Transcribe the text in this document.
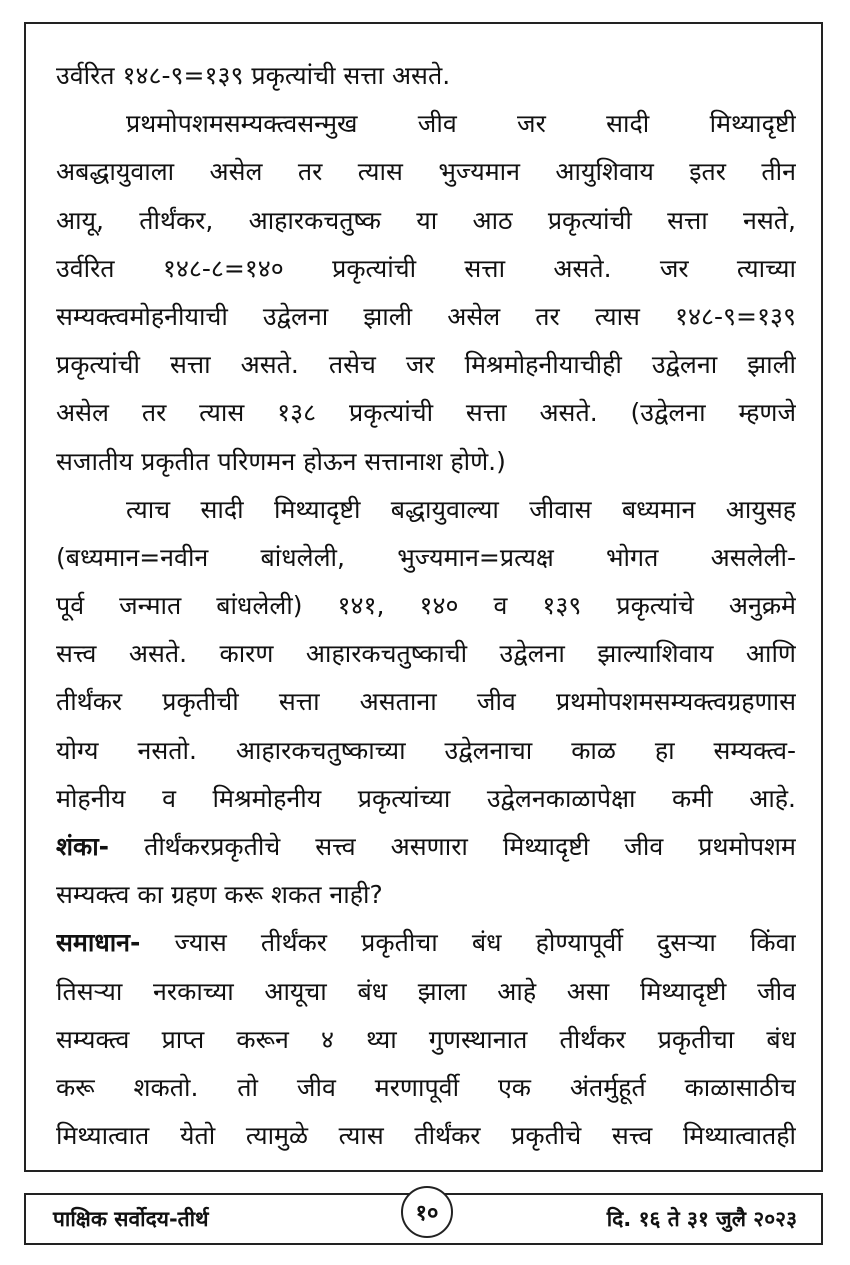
उर्वरित १४८-९=१३९ प्रकृत्यांची सत्ता असते.
प्रथमोपशमसम्यक्त्वसन्मुख जीव जर सादी मिथ्यादृष्टी
अबद्धायुवाला असेल तर त्यास भुज्यमान आयुशिवाय इतर तीन
आयू, तीर्थंकर, आहारकचतुष्क या आठ प्रकृत्यांची सत्ता नसते,
उर्वरित १४८-८=१४० प्रकृत्यांची सत्ता असते. जर त्याच्या
सम्यक्त्वमोहनीयाची उद्वेलना झाली असेल तर त्यास १४८-९=१३९
प्रकृत्यांची सत्ता असते. तसेच जर मिश्रमोहनीयाचीही उद्वेलना झाली
असेल तर त्यास १३८ प्रकृत्यांची सत्ता असते. (उद्वेलना म्हणजे
सजातीय प्रकृतीत परिणमन होऊन सत्तानाश होणे.)
त्याच सादी मिथ्यादृष्टी बद्धायुवाल्या जीवास बध्यमान आयुसह
(बध्यमान=नवीन बांधलेली, भुज्यमान=प्रत्यक्ष भोगत असलेली-
पूर्व जन्मात बांधलेली) १४१, १४० व १३९ प्रकृत्यांचे अनुक्रमे
सत्त्व असते. कारण आहारकचतुष्काची उद्वेलना झाल्याशिवाय आणि
तीर्थंकर प्रकृतीची सत्ता असताना जीव प्रथमोपशमसम्यक्त्वग्रहणास
योग्य नसतो. आहारकचतुष्काच्या उद्वेलनाचा काळ हा सम्यक्त्व-
मोहनीय व मिश्रमोहनीय प्रकृत्यांच्या उद्वेलनकाळापेक्षा कमी आहे.
शंका- तीर्थंकरप्रकृतीचे सत्त्व असणारा मिथ्यादृष्टी जीव प्रथमोपशम
सम्यक्त्व का ग्रहण करू शकत नाही?
समाधान- ज्यास तीर्थंकर प्रकृतीचा बंध होण्यापूर्वी दुसऱ्या किंवा
तिसऱ्या नरकाच्या आयूचा बंध झाला आहे असा मिथ्यादृष्टी जीव
सम्यक्त्व प्राप्त करून ४ थ्या गुणस्थानात तीर्थंकर प्रकृतीचा बंध
करू शकतो. तो जीव मरणापूर्वी एक अंतर्मुहूर्त काळासाठीच
मिथ्यात्वात येतो त्यामुळे त्यास तीर्थंकर प्रकृतीचे सत्त्व मिथ्यात्वातही
पाक्षिक सर्वोदय-तीर्थ	१०	दि. १६ ते ३१ जुलै २०२३
